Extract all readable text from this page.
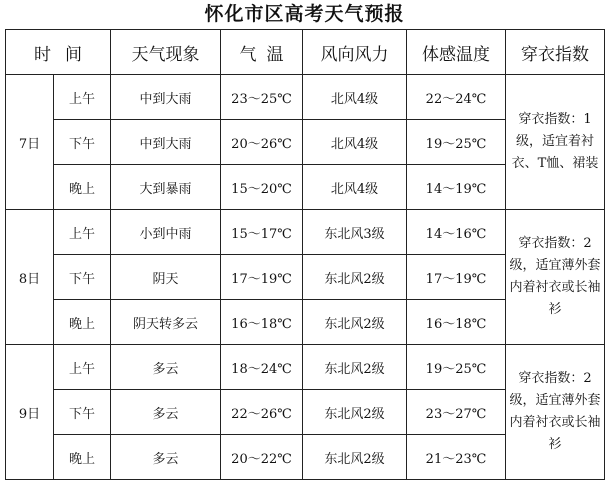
怀化市区高考天气预报
时间		天气现象	气温	风向风力	体感温度	穿衣指数
7日	上午	中到大雨	23～25℃	北风4级	22～24℃	穿衣指数：1级，适宜着衬衣、T恤、裙装
	下午	中到大雨	20～26℃	北风4级	19～25℃	
	晚上	大到暴雨	15～20℃	北风4级	14～19℃	
8日	上午	小到中雨	15～17℃	东北风3级	14～16℃	穿衣指数：2级，适宜薄外套内着衬衣或长袖衫
	下午	阴天	17～19℃	东北风2级	17～19℃	
	晚上	阴天转多云	16～18℃	东北风2级	16～18℃	
9日	上午	多云	18～24℃	东北风2级	19～25℃	穿衣指数：2级，适宜薄外套内着衬衣或长袖衫
	下午	多云	22～26℃	东北风2级	23～27℃	
	晚上	多云	20～22℃	东北风2级	21～23℃	
